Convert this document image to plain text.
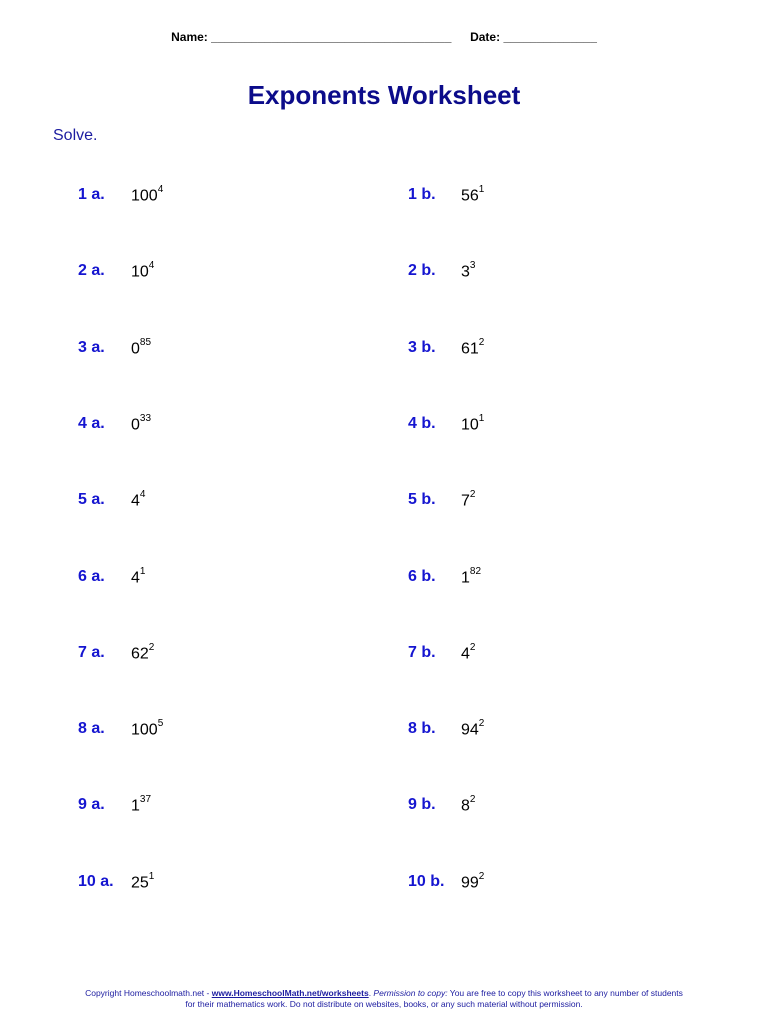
Name: ____________________________________ Date: ______________
Exponents Worksheet
Solve.
1 a. $100^4$	1 b. $56^1$
2 a. $10^4$	2 b. $3^3$
3 a. $0^{85}$	3 b. $61^2$
4 a. $0^{33}$	4 b. $10^1$
5 a. $4^4$	5 b. $7^2$
6 a. $4^1$	6 b. $1^{82}$
7 a. $62^2$	7 b. $4^2$
8 a. $100^5$	8 b. $94^2$
9 a. $1^{37}$	9 b. $8^2$
10 a. $25^1$	10 b. $99^2$
Copyright Homeschoolmath.net - www.HomeschoolMath.net/worksheets. Permission to copy: You are free to copy this worksheet to any number of students for their mathematics work. Do not distribute on websites, books, or any such material without permission.
